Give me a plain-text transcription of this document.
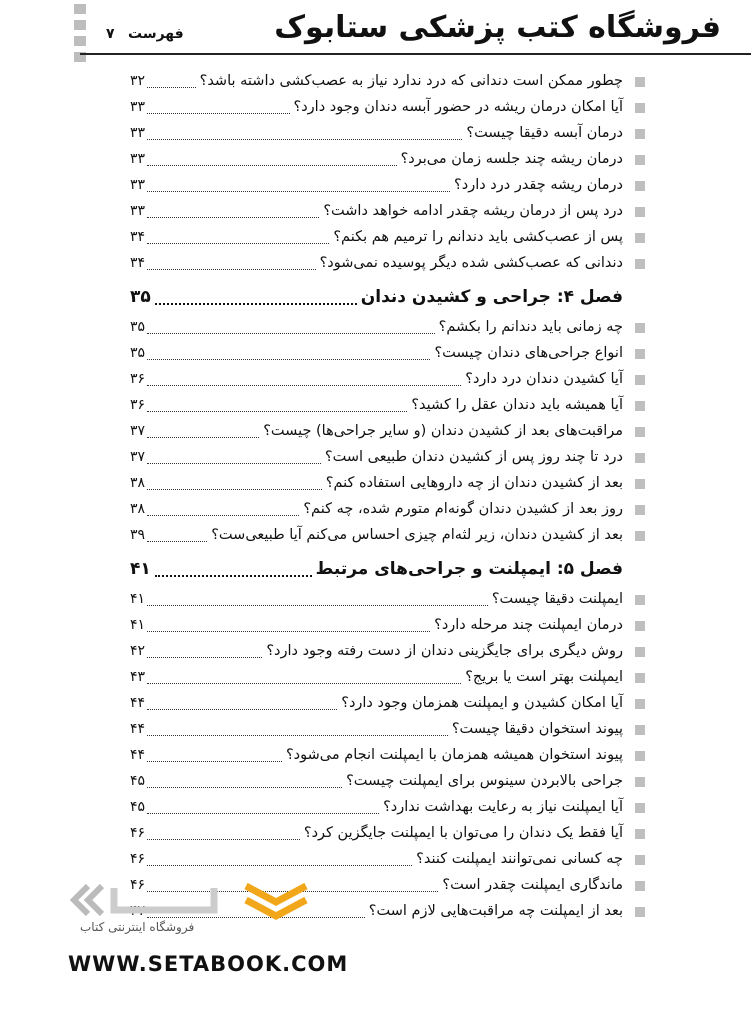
فروشگاه کتب پزشکی ستابوک
فهرست
۷
چطور ممکن است دندانی که درد ندارد نیاز به عصب‌کشی داشته باشد؟
۳۲
آیا امکان درمان ریشه در حضور آبسه دندان وجود دارد؟
۳۳
درمان آبسه دقیقا چیست؟
۳۳
درمان ریشه چند جلسه زمان می‌برد؟
۳۳
درمان ریشه چقدر درد دارد؟
۳۳
درد پس از درمان ریشه چقدر ادامه خواهد داشت؟
۳۳
پس از عصب‌کشی باید دندانم را ترمیم هم بکنم؟
۳۴
دندانی که عصب‌کشی شده دیگر پوسیده نمی‌شود؟
۳۴
فصل ۴: جراحی و کشیدن دندان
۳۵
چه زمانی باید دندانم را بکشم؟
۳۵
انواع جراحی‌های دندان چیست؟
۳۵
آیا کشیدن دندان درد دارد؟
۳۶
آیا همیشه باید دندان عقل را کشید؟
۳۶
مراقبت‌های بعد از کشیدن دندان (و سایر جراحی‌ها) چیست؟
۳۷
درد تا چند روز پس از کشیدن دندان طبیعی است؟
۳۷
بعد از کشیدن دندان از چه داروهایی استفاده کنم؟
۳۸
روز بعد از کشیدن دندان گونه‌ام متورم شده، چه کنم؟
۳۸
بعد از کشیدن دندان، زیر لثه‌ام چیزی احساس می‌کنم آیا طبیعی‌ست؟
۳۹
فصل ۵: ایمپلنت و جراحی‌های مرتبط
۴۱
ایمپلنت دقیقا چیست؟
۴۱
درمان ایمپلنت چند مرحله دارد؟
۴۱
روش دیگری برای جایگزینی دندان از دست رفته وجود دارد؟
۴۲
ایمپلنت بهتر است یا بریج؟
۴۳
آیا امکان کشیدن و ایمپلنت همزمان وجود دارد؟
۴۴
پیوند استخوان دقیقا چیست؟
۴۴
پیوند استخوان همیشه همزمان با ایمپلنت انجام می‌شود؟
۴۴
جراحی بالابردن سینوس برای ایمپلنت چیست؟
۴۵
آیا ایمپلنت نیاز به رعایت بهداشت ندارد؟
۴۵
آیا فقط یک دندان را می‌توان با ایمپلنت جایگزین کرد؟
۴۶
چه کسانی نمی‌توانند ایمپلنت کنند؟
۴۶
ماندگاری ایمپلنت چقدر است؟
۴۶
بعد از ایمپلنت چه مراقبت‌هایی لازم است؟
۴۷
فروشگاه اینترنتی کتاب
WWW.SETABOOK.COM
